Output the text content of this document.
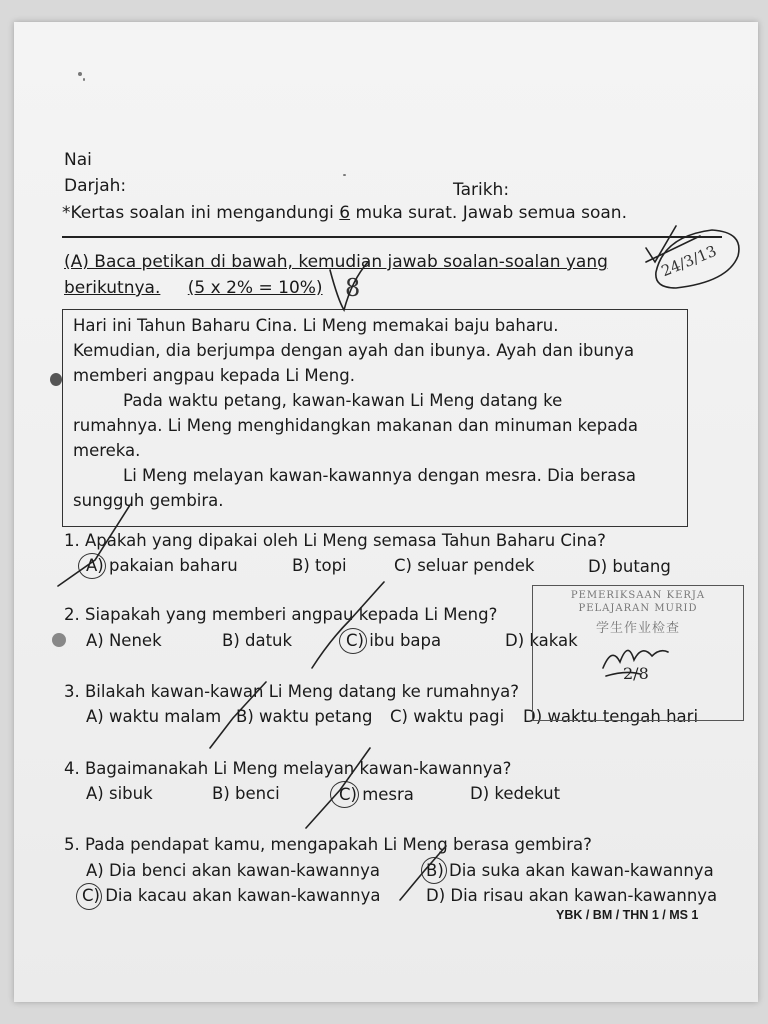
Nai
Darjah:	Tarikh:
*Kertas soalan ini mengandungi 6 muka surat. Jawab semua soan.
(A) Baca petikan di bawah, kemudian jawab soalan-soalan yang
berikutnya. (5 x 2% = 10%) 8
24/3/13

Hari ini Tahun Baharu Cina. Li Meng memakai baju baharu.

Kemudian, dia berjumpa dengan ayah dan ibunya. Ayah dan ibunya

memberi angpau kepada Li Meng.

Pada waktu petang, kawan-kawan Li Meng datang ke

rumahnya. Li Meng menghidangkan makanan dan minuman kepada

mereka.

Li Meng melayan kawan-kawannya dengan mesra. Dia berasa

sungguh gembira.

1. Apakah yang dipakai oleh Li Meng semasa Tahun Baharu Cina?
A) pakaian baharu	B) topi	C) seluar pendek	D) butang
2. Siapakah yang memberi angpau kepada Li Meng?
A) Nenek	B) datuk	C) ibu bapa	D) kakak
3. Bilakah kawan-kawan Li Meng datang ke rumahnya?
A) waktu malam B) waktu petang C) waktu pagi D) waktu tengah hari
4. Bagaimanakah Li Meng melayan kawan-kawannya?
A) sibuk	B) benci	C) mesra	D) kedekut
5. Pada pendapat kamu, mengapakah Li Meng berasa gembira?
A) Dia benci akan kawan-kawannya	B) Dia suka akan kawan-kawannya
C) Dia kacau akan kawan-kawannya	D) Dia risau akan kawan-kawannya
PEMERIKSAAN KERJA
PELAJARAN MURID
学生作业检查
2/8
YBK / BM / THN 1 / MS 1
